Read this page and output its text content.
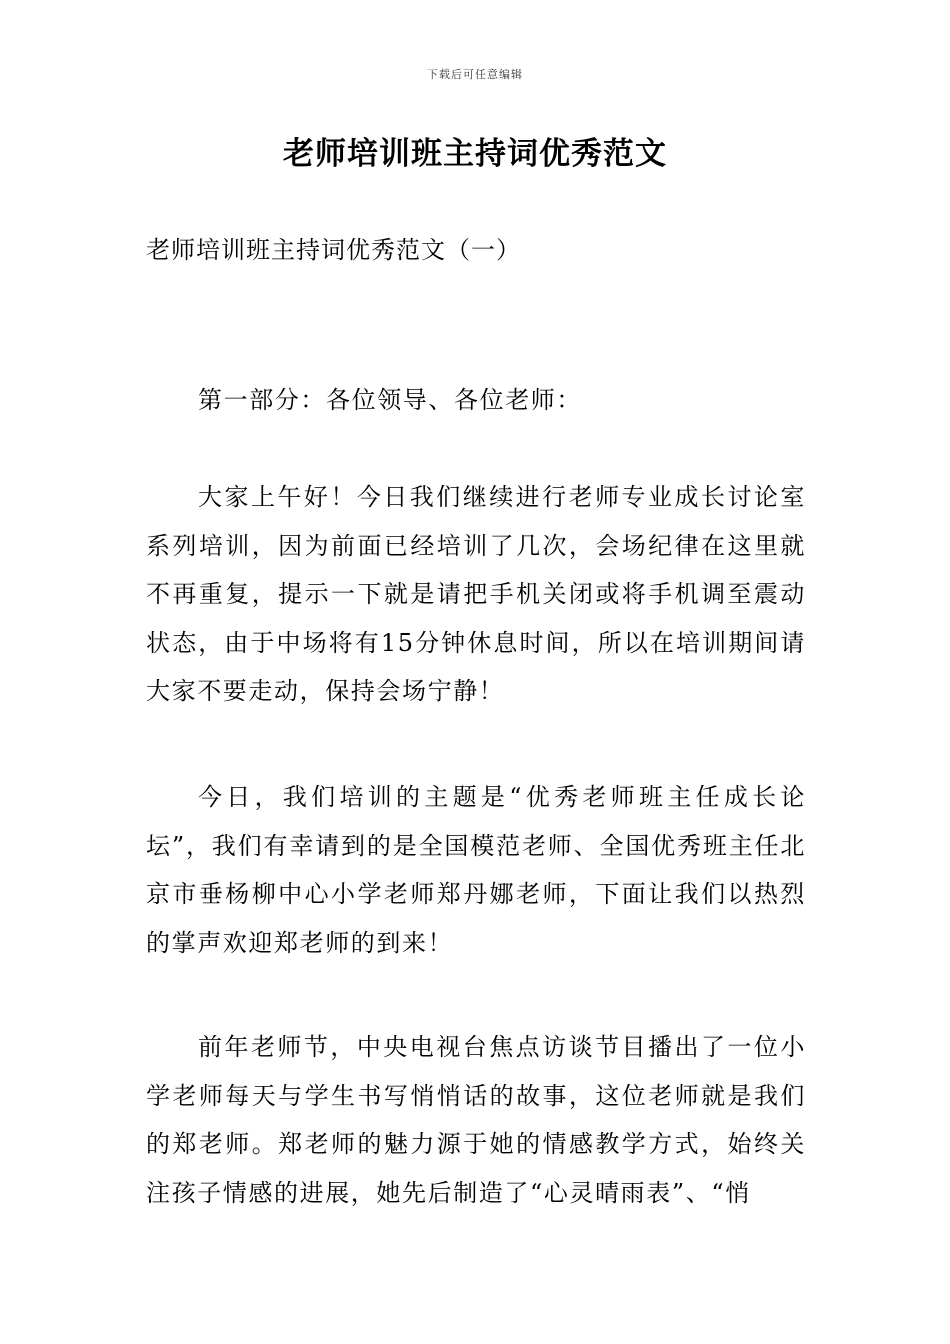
下载后可任意编辑
老师培训班主持词优秀范文
老师培训班主持词优秀范文（一）

第一部分：各位领导、各位老师：

大家上午好！今日我们继续进行老师专业成长讨论室系列培训，因为前面已经培训了几次，会场纪律在这里就不再重复，提示一下就是请把手机关闭或将手机调至震动状态，由于中场将有15分钟休息时间，所以在培训期间请大家不要走动，保持会场宁静！

今日，我们培训的主题是“优秀老师班主任成长论坛”，我们有幸请到的是全国模范老师、全国优秀班主任北京市垂杨柳中心小学老师郑丹娜老师，下面让我们以热烈的掌声欢迎郑老师的到来！

前年老师节，中央电视台焦点访谈节目播出了一位小学老师每天与学生书写悄悄话的故事，这位老师就是我们的郑老师。郑老师的魅力源于她的情感教学方式，始终关注孩子情感的进展，她先后制造了“心灵晴雨表”、“悄
